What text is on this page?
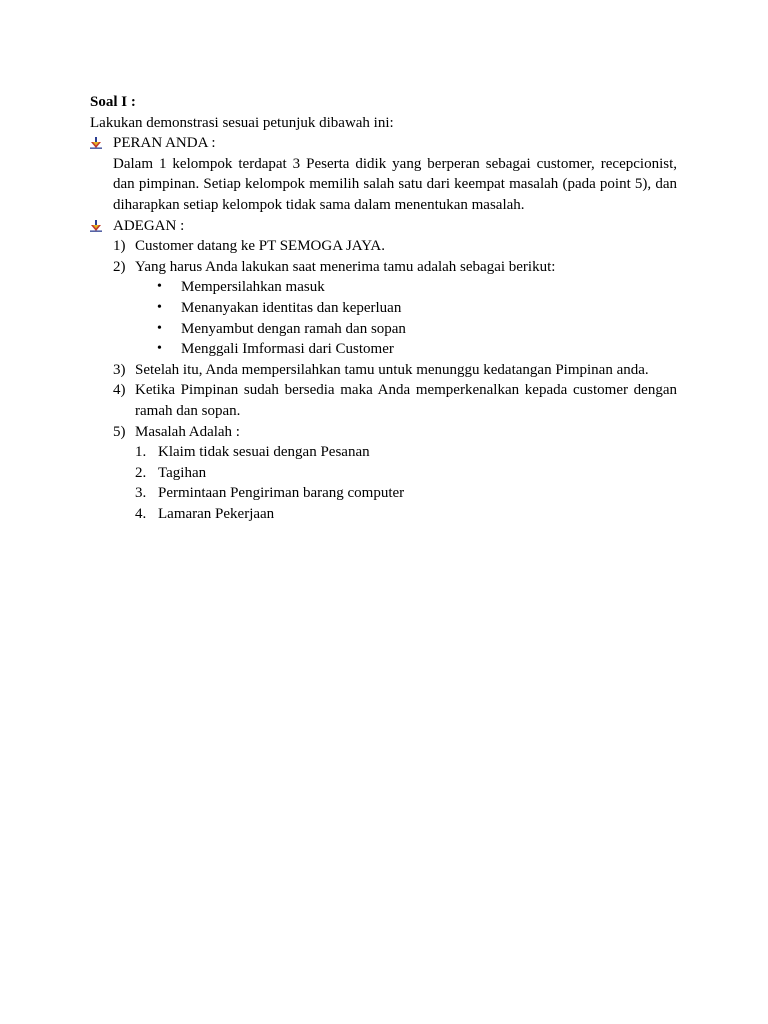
Soal I :
Lakukan demonstrasi sesuai petunjuk dibawah ini:
PERAN ANDA :
Dalam 1 kelompok terdapat 3 Peserta didik yang berperan sebagai customer, recepcionist, dan pimpinan. Setiap kelompok memilih salah satu dari keempat masalah (pada point 5), dan diharapkan setiap kelompok tidak sama dalam menentukan masalah.
ADEGAN :
1) Customer datang ke PT SEMOGA JAYA.
2) Yang harus Anda lakukan saat menerima tamu adalah sebagai berikut:
• Mempersilahkan masuk
• Menanyakan identitas dan keperluan
• Menyambut dengan ramah dan sopan
• Menggali Imformasi dari Customer
3) Setelah itu, Anda mempersilahkan tamu untuk menunggu kedatangan Pimpinan anda.
4) Ketika Pimpinan sudah bersedia maka Anda memperkenalkan kepada customer dengan ramah dan sopan.
5) Masalah Adalah :
1. Klaim tidak sesuai dengan Pesanan
2. Tagihan
3. Permintaan Pengiriman barang computer
4. Lamaran Pekerjaan
